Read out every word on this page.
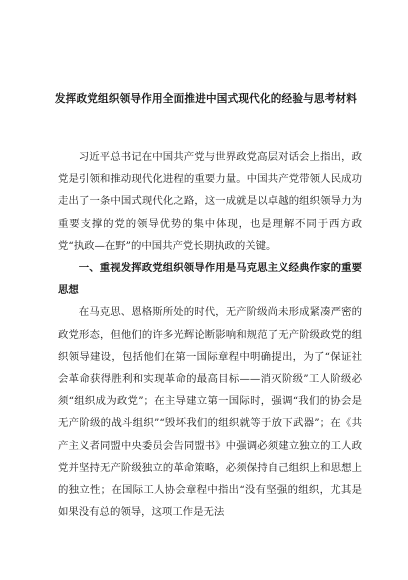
发挥政党组织领导作用全面推进中国式现代化的经验与思考材料

习近平总书记在中国共产党与世界政党高层对话会上指出，政党是引领和推动现代化进程的重要力量。中国共产党带领人民成功走出了一条中国式现代化之路，这一成就是以卓越的组织领导力为重要支撑的党的领导优势的集中体现，也是理解不同于西方政党“执政—在野”的中国共产党长期执政的关键。

一、重视发挥政党组织领导作用是马克思主义经典作家的重要思想

在马克思、恩格斯所处的时代，无产阶级尚未形成紧凑严密的政党形态，但他们的许多光辉论断影响和规范了无产阶级政党的组织领导建设，包括他们在第一国际章程中明确提出，为了“保证社会革命获得胜利和实现革命的最高目标——消灭阶级”工人阶级必须“组织成为政党”；在主导建立第一国际时，强调“我们的协会是无产阶级的战斗组织”“毁坏我们的组织就等于放下武器”；在《共产主义者同盟中央委员会告同盟书》中强调必须建立独立的工人政党并坚持无产阶级独立的革命策略，必须保持自己组织上和思想上的独立性；在国际工人协会章程中指出“没有坚强的组织，尤其是如果没有总的领导，这项工作是无法
